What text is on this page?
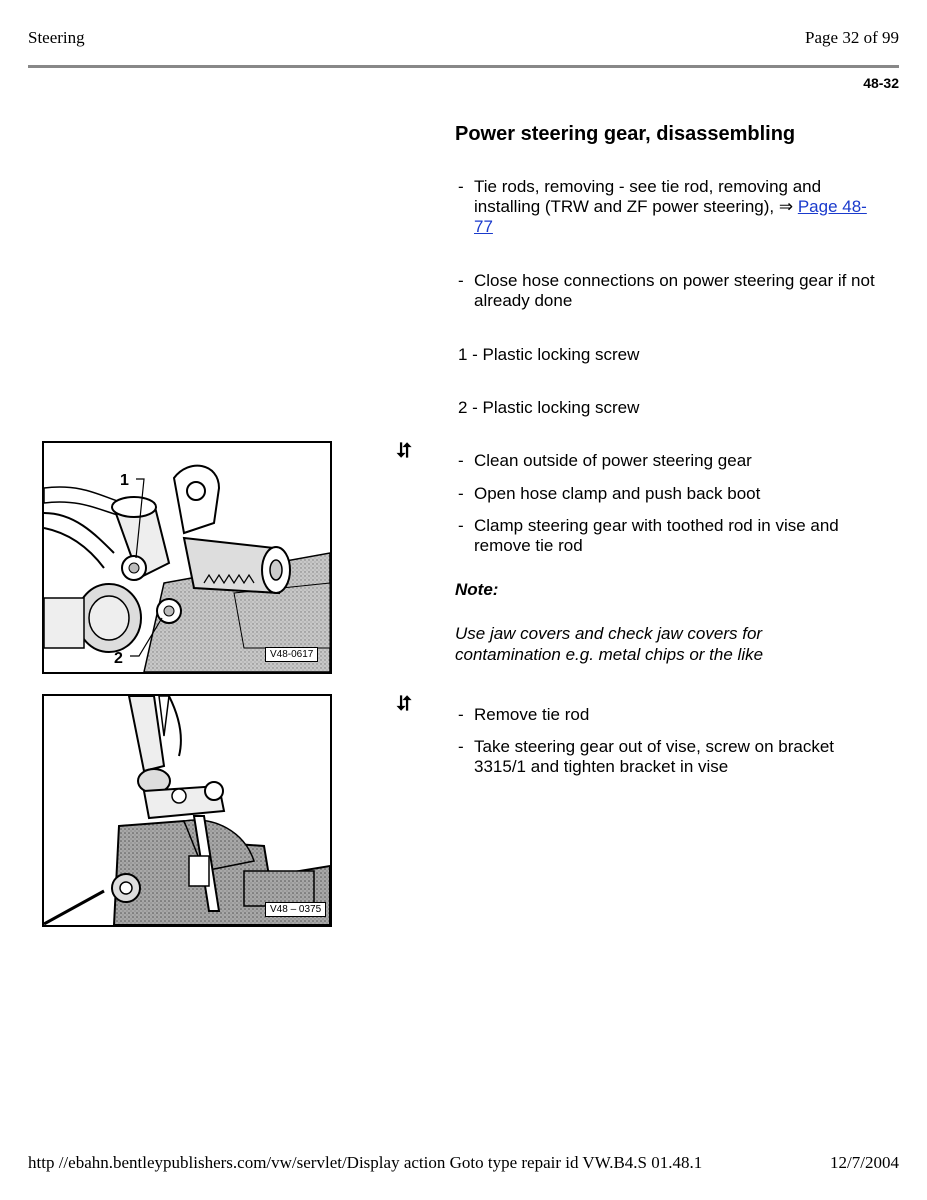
Steering	Page 32 of 99
48-32
Power steering gear, disassembling
- Tie rods, removing - see tie rod, removing and installing (TRW and ZF power steering), ⇒ Page 48-77
- Close hose connections on power steering gear if not already done
1 - Plastic locking screw
2 - Plastic locking screw
1
2	V48-0617
⮃	- Clean outside of power steering gear
- Open hose clamp and push back boot
- Clamp steering gear with toothed rod in vise and remove tie rod
Note:
Use jaw covers and check jaw covers for contamination e.g. metal chips or the like
V48 – 0375
⮃	- Remove tie rod
- Take steering gear out of vise, screw on bracket 3315/1 and tighten bracket in vise
http //ebahn.bentleypublishers.com/vw/servlet/Display action Goto type repair id VW.B4.S 01.48.1	12/7/2004
